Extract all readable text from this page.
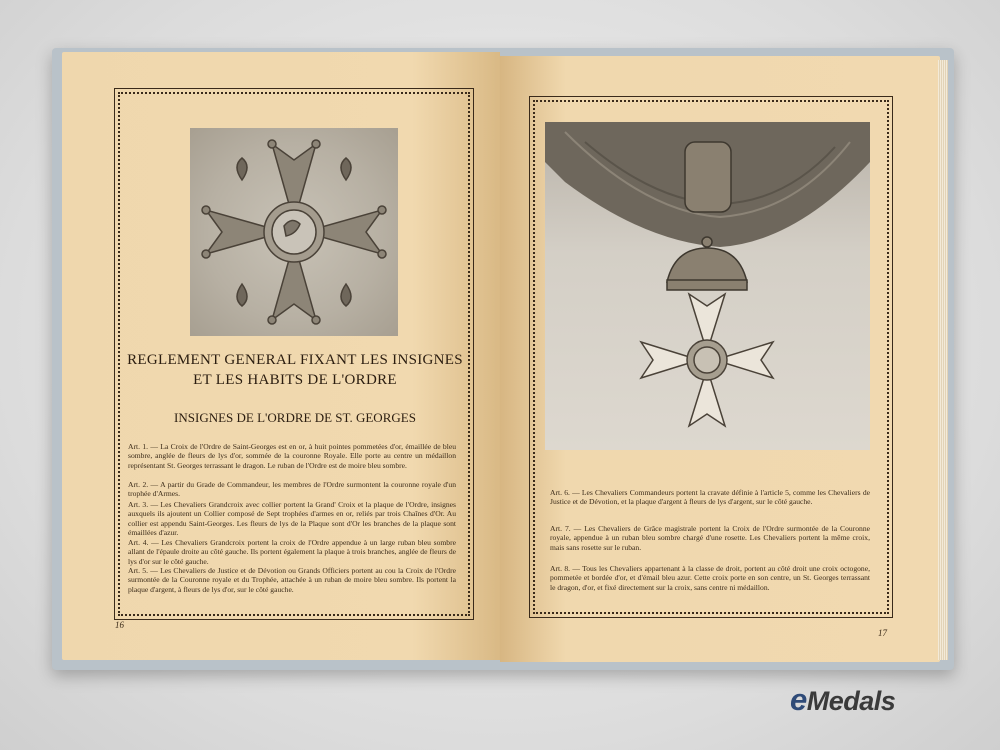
REGLEMENT GENERAL FIXANT LES INSIGNES
ET LES HABITS DE L'ORDRE
INSIGNES DE L'ORDRE DE ST. GEORGES

Art. 1. — La Croix de l'Ordre de Saint-Georges est en or, à huit pointes pommetées d'or, émaillée de bleu sombre, anglée de fleurs de lys d'or, sommée de la couronne Royale. Elle porte au centre un médaillon représentant St. Georges terrassant le dragon. Le ruban de l'Ordre est de moire bleu sombre.

Art. 2. — A partir du Grade de Commandeur, les membres de l'Ordre surmontent la couronne royale d'un trophée d'Armes.

Art. 3. — Les Chevaliers Grandcroix avec collier portent la Grand' Croix et la plaque de l'Ordre, insignes auxquels ils ajoutent un Collier composé de Sept trophées d'armes en or, reliés par trois Chaînes d'Or. Au collier est appendu Saint-Georges. Les fleurs de lys de la Plaque sont d'Or les branches de la plaque sont émaillées d'azur.

Art. 4. — Les Chevaliers Grandcroix portent la croix de l'Ordre appendue à un large ruban bleu sombre allant de l'épaule droite au côté gauche. Ils portent également la plaque à trois branches, anglée de fleurs de lys d'or sur le côté gauche.

Art. 5. — Les Chevaliers de Justice et de Dévotion ou Grands Officiers portent au cou la Croix de l'Ordre surmontée de la Couronne royale et du Trophée, attachée à un ruban de moire bleu sombre. Ils portent la plaque d'argent, à fleurs de lys d'or, sur le côté gauche.

16

Art. 6. — Les Chevaliers Commandeurs portent la cravate définie à l'article 5, comme les Chevaliers de Justice et de Dévotion, et la plaque d'argent à fleurs de lys d'argent, sur le côté gauche.

Art. 7. — Les Chevaliers de Grâce magistrale portent la Croix de l'Ordre surmontée de la Couronne royale, appendue à un ruban bleu sombre chargé d'une rosette. Les Chevaliers portent la même croix, mais sans rosette sur le ruban.

Art. 8. — Tous les Chevaliers appartenant à la classe de droit, portent au côté droit une croix octogone, pommetée et bordée d'or, et d'émail bleu azur. Cette croix porte en son centre, un St. Georges terrassant le dragon, d'or, et fixé directement sur la croix, sans centre ni médaillon.

17
eMedals
